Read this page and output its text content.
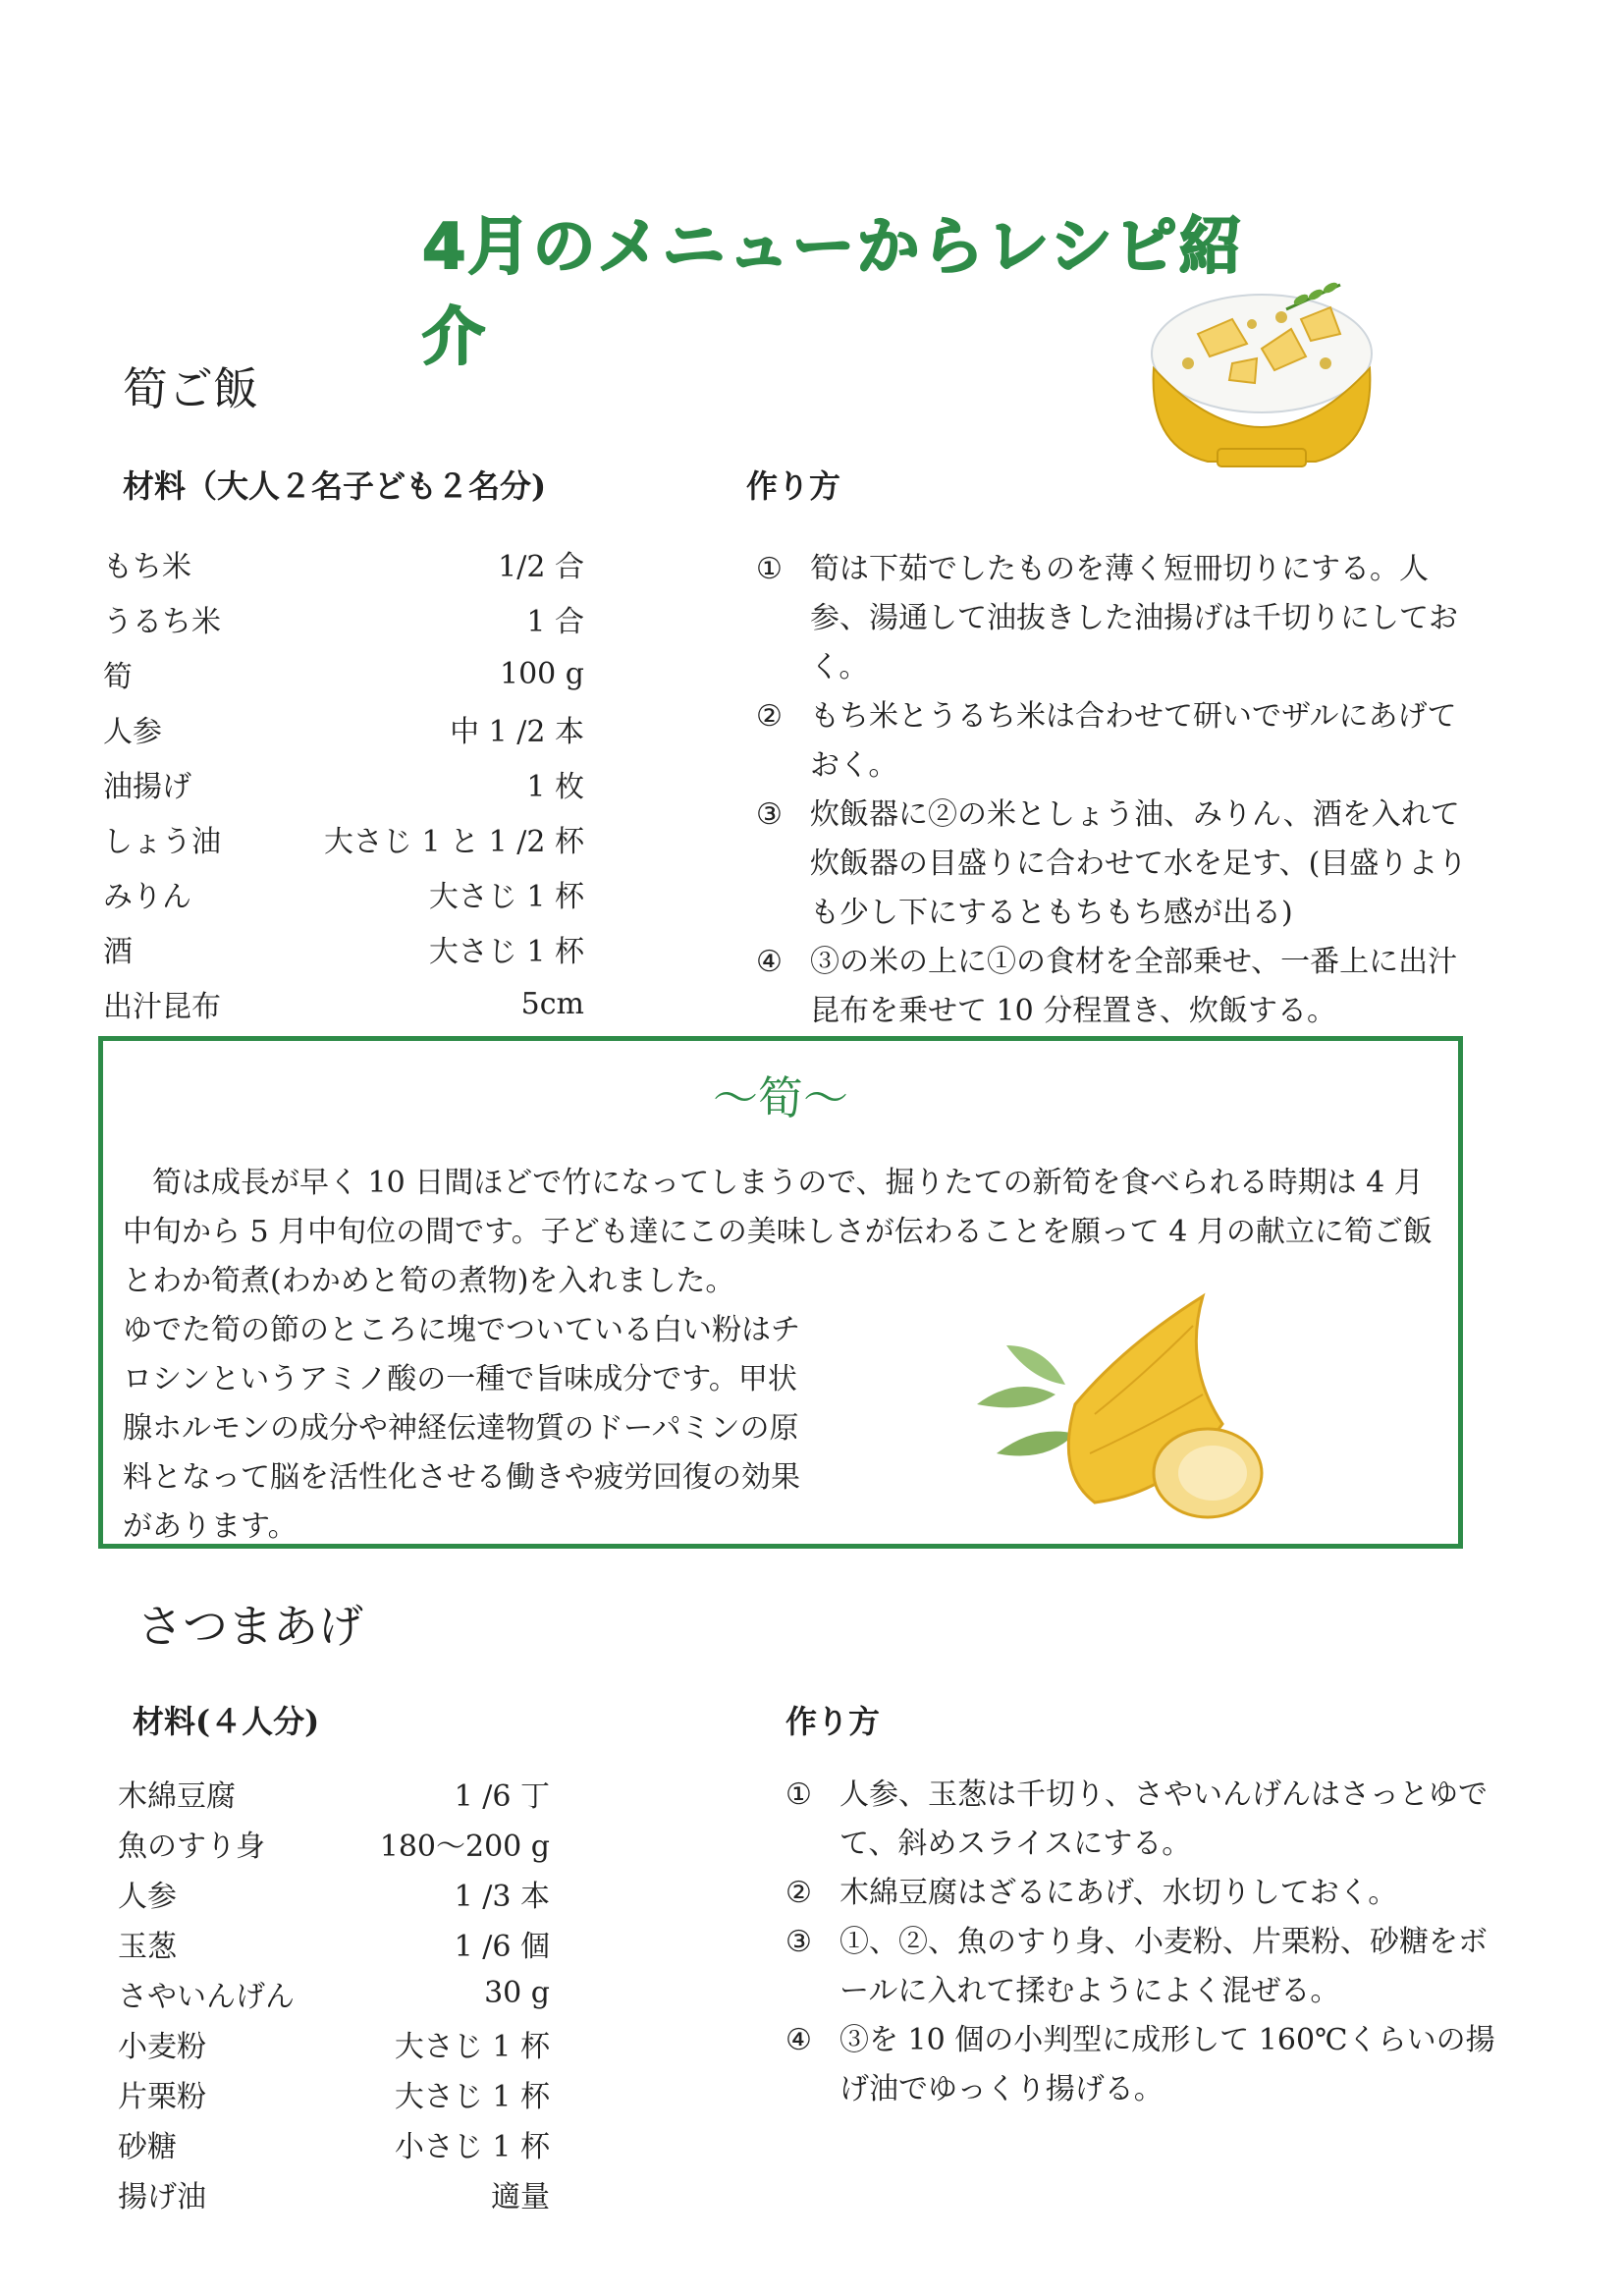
4月のメニューからレシピ紹介
筍ご飯
材料（大人２名子ども２名分)
もち米	1/2 合
うるち米	1 合
筍	100 g
人参	中 1 /2 本
油揚げ	1 枚
しょう油	大さじ 1 と 1 /2 杯
みりん	大さじ 1 杯
酒	大さじ 1 杯
出汁昆布	5cm
作り方
① 筍は下茹でしたものを薄く短冊切りにする。人参、湯通して油抜きした油揚げは千切りにしておく。
② もち米とうるち米は合わせて研いでザルにあげておく。
③ 炊飯器に②の米としょう油、みりん、酒を入れて炊飯器の目盛りに合わせて水を足す、(目盛りよりも少し下にするともちもち感が出る)
④ ③の米の上に①の食材を全部乗せ、一番上に出汁昆布を乗せて 10 分程置き、炊飯する。
〜筍〜
筍は成長が早く 10 日間ほどで竹になってしまうので、掘りたての新筍を食べられる時期は 4 月中旬から 5 月中旬位の間です。子ども達にこの美味しさが伝わることを願って 4 月の献立に筍ご飯とわか筍煮(わかめと筍の煮物)を入れました。
ゆでた筍の節のところに塊でついている白い粉はチロシンというアミノ酸の一種で旨味成分です。甲状腺ホルモンの成分や神経伝達物質のドーパミンの原料となって脳を活性化させる働きや疲労回復の効果があります。
さつまあげ
材料(４人分)
木綿豆腐	1 /6 丁
魚のすり身	180〜200 g
人参	1 /3 本
玉葱	1 /6 個
さやいんげん	30 g
小麦粉	大さじ 1 杯
片栗粉	大さじ 1 杯
砂糖	小さじ 1 杯
揚げ油	適量
作り方
① 人参、玉葱は千切り、さやいんげんはさっとゆでて、斜めスライスにする。
② 木綿豆腐はざるにあげ、水切りしておく。
③ ①、②、魚のすり身、小麦粉、片栗粉、砂糖をボールに入れて揉むようによく混ぜる。
④ ③を 10 個の小判型に成形して 160℃くらいの揚げ油でゆっくり揚げる。
